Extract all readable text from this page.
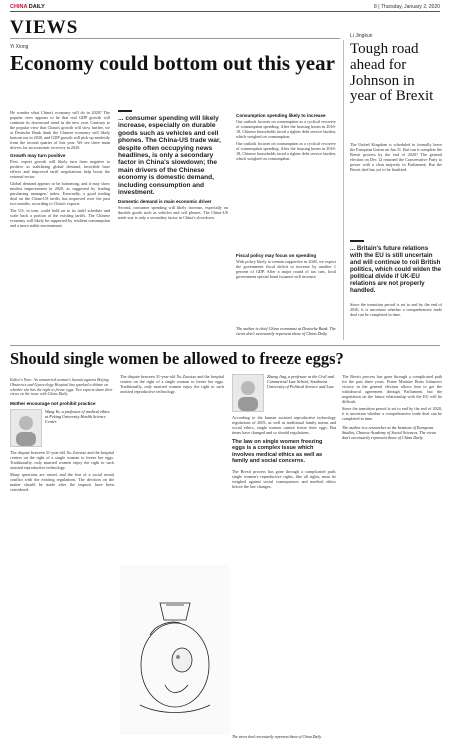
CHINA DAILY	8 | Thursday, January 2, 2020
VIEWS
Yi Xiong
Economy could bottom out this year

He wonder what China's economy will do in 2020? The popular view appears to be that real GDP growth will continue its downward trend in the new year. Contrary to the popular view that China's growth will slow further, we at Deutsche Bank think the Chinese economy will likely bottom out in 2020, and GDP growth will pick up modestly from the second quarter of this year. We see three main drivers for an economic recovery in 2020.

Growth may turn positive

First, export growth will likely turn from negative to positive as stabilizing global demand, favorable base effects and improved tariff negotiations help boost the external sector.

Global demand appears to be bottoming, and it may show modest improvement in 2020, as suggested by leading purchasing managers' index. Externally, a good trading deal on the China-US tariffs has improved over the past two months, according to China's exports.

The US, in turn, could hold on to its tariff schedule and scale back a portion of the existing tariffs. The Chinese economy will likely be supported by resilient consumption and a more stable environment.

... consumer spending will likely increase, especially on durable goods such as vehicles and cell phones. The China-US trade war, despite often occupying news headlines, is only a secondary factor in China's slowdown; the main drivers of the Chinese economy is domestic demand, including consumption and investment.
Domestic demand is main economic driver

Second, consumer spending will likely increase, especially on durable goods such as vehicles and cell phones. The China-US trade war is only a secondary factor in China's slowdown.

Consumption spending likely to increase

Our outlook focuses on consumption as a cyclical recovery of consumption spending. After the housing boom in 2016-18, Chinese households faced a tighter debt service burden, which weighed on consumption.

Our outlook focuses on consumption as a cyclical recovery of consumption spending. After the housing boom in 2016-18, Chinese households faced a tighter debt service burden, which weighed on consumption.

Li Jingkun
Tough road ahead for Johnson in year of Brexit

The United Kingdom is scheduled to formally leave the European Union on Jan 31. But can it complete the Brexit process by the end of 2020? The general election on Dec 12 returned the Conservative Party to power with a clear majority in Parliament. But the Brexit deal has yet to be finalized.

... Britain's future relations with the EU is still uncertain and will continue to roil British politics, which could widen the political divide if UK-EU relations are not properly handled.

Since the transition period is set to end by the end of 2020, it is uncertain whether a comprehensive trade deal can be completed in time.

Should single women be allowed to freeze eggs?

Editor's Note: An unmarried woman's lawsuit against Beijing Obstetrics and Gynecology Hospital has sparked a debate on whether she has the right to freeze eggs. Two experts share their views on the issue with China Daily.

Mother encourage not prohibit practice
Wang Yu, a professor of medical ethics at Peking University Health Science Center.

The dispute between 31-year-old Xu Zaoxiao and the hospital centers on the right of a single woman to freeze her eggs. Traditionally, only married women enjoy the right to such assisted reproductive technology.

Many questions are raised, and the fear of a social moral conflict with the existing regulations. The decision on the matter should be made after the impacts have been considered.

The dispute between 31-year-old Xu Zaoxiao and the hospital centers on the right of a single woman to freeze her eggs. Traditionally, only married women enjoy the right to such assisted reproductive technology.

Zhang Jing, a professor at the Civil and Commercial Law School, Southwest University of Political Science and Law.

According to the human assisted reproductive technology regulations of 2003, as well as traditional family norms and social ethics, single women cannot freeze their eggs. But times have changed and so should regulations.

The law on single women freezing eggs is a complex issue which involves medical ethics as well as family and social concerns.

The Brexit process has gone through a complicated path; single women's reproductive rights, like all rights, must be weighed against social consequences and medical ethics before the law changes.

The Brexit process has gone through a complicated path for the past three years. Prime Minister Boris Johnson's victory in the general election allows him to get the withdrawal agreement through Parliament, but the negotiation on the future relationship with the EU will be difficult.

Since the transition period is set to end by the end of 2020, it is uncertain whether a comprehensive trade deal can be completed in time.

The author is a researcher at the Institute of European Studies, Chinese Academy of Social Sciences. The views don't necessarily represent those of China Daily.
The author is chief China economist at Deutsche Bank. The views don't necessarily represent those of China Daily.
Fiscal policy may focus on spending

With policy likely to remain supportive in 2020, we expect the government fiscal deficit to increase by another 1 percent of GDP. After a major round of tax cuts, local government special bond issuance will increase.

The views don't necessarily represent those of China Daily.
